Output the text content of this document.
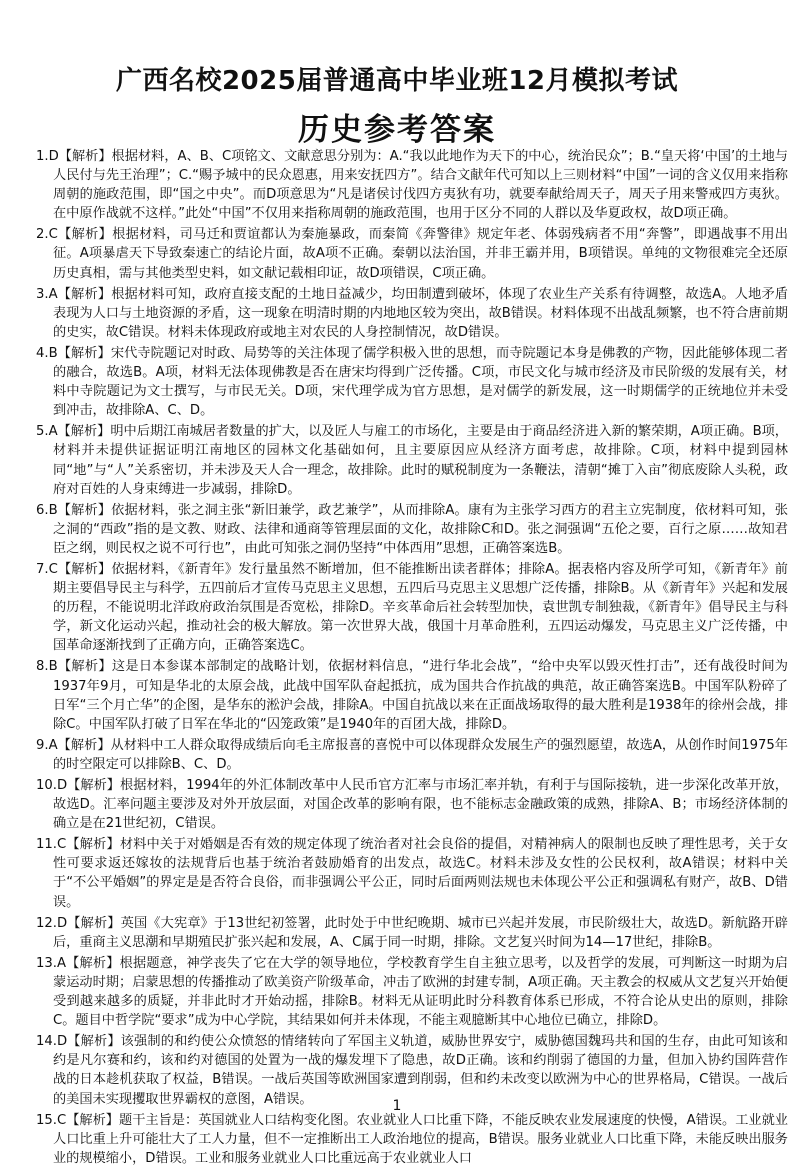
广西名校2025届普通高中毕业班12月模拟考试
历史参考答案

1.D【解析】根据材料，A、B、C项铭文、文献意思分别为：A.“我以此地作为天下的中心，统治民众”；B.“皇天将‘中国’的土地与人民付与先王治理”；C.“赐予城中的民众恩惠，用来安抚四方”。结合文献年代可知以上三则材料“中国”一词的含义仅用来指称周朝的施政范围，即“国之中央”。而D项意思为“凡是诸侯讨伐四方夷狄有功，就要奉献给周天子，周天子用来警戒四方夷狄。在中原作战就不这样。”此处“中国”不仅用来指称周朝的施政范围，也用于区分不同的人群以及华夏政权，故D项正确。

2.C【解析】根据材料，司马迁和贾谊都认为秦施暴政，而秦简《奔警律》规定年老、体弱残病者不用“奔警”，即遇战事不用出征。A项暴虐天下导致秦速亡的结论片面，故A项不正确。秦朝以法治国，并非王霸并用，B项错误。单纯的文物很难完全还原历史真相，需与其他类型史料，如文献记载相印证，故D项错误，C项正确。

3.A【解析】根据材料可知，政府直接支配的土地日益减少，均田制遭到破坏，体现了农业生产关系有待调整，故选A。人地矛盾表现为人口与土地资源的矛盾，这一现象在明清时期的内地地区较为突出，故B错误。材料体现不出战乱频繁，也不符合唐前期的史实，故C错误。材料未体现政府或地主对农民的人身控制情况，故D错误。

4.B【解析】宋代寺院题记对时政、局势等的关注体现了儒学积极入世的思想，而寺院题记本身是佛教的产物，因此能够体现二者的融合，故选B。A项，材料无法体现佛教是否在唐宋均得到广泛传播。C项，市民文化与城市经济及市民阶级的发展有关，材料中寺院题记为文士撰写，与市民无关。D项，宋代理学成为官方思想，是对儒学的新发展，这一时期儒学的正统地位并未受到冲击，故排除A、C、D。

5.A【解析】明中后期江南城居者数量的扩大，以及匠人与雇工的市场化，主要是由于商品经济进入新的繁荣期，A项正确。B项，材料并未提供证据证明江南地区的园林文化基础如何，且主要原因应从经济方面考虑，故排除。C项，材料中提到园林同“地”与“人”关系密切，并未涉及天人合一理念，故排除。此时的赋税制度为一条鞭法，清朝“摊丁入亩”彻底废除人头税，政府对百姓的人身束缚进一步减弱，排除D。

6.B【解析】依据材料，张之洞主张“新旧兼学，政艺兼学”，从而排除A。康有为主张学习西方的君主立宪制度，依材料可知，张之洞的“西政”指的是文教、财政、法律和通商等管理层面的文化，故排除C和D。张之洞强调“五伦之要，百行之原……故知君臣之纲，则民权之说不可行也”，由此可知张之洞仍坚持“中体西用”思想，正确答案选B。

7.C【解析】依据材料，《新青年》发行量虽然不断增加，但不能推断出读者群体；排除A。据表格内容及所学可知，《新青年》前期主要倡导民主与科学，五四前后才宣传马克思主义思想，五四后马克思主义思想广泛传播，排除B。从《新青年》兴起和发展的历程，不能说明北洋政府政治氛围是否宽松，排除D。辛亥革命后社会转型加快，袁世凯专制独裁，《新青年》倡导民主与科学，新文化运动兴起，推动社会的极大解放。第一次世界大战，俄国十月革命胜利，五四运动爆发，马克思主义广泛传播，中国革命逐渐找到了正确方向，正确答案选C。

8.B【解析】这是日本参谋本部制定的战略计划，依据材料信息，“进行华北会战”，“给中央军以毁灭性打击”，还有战役时间为1937年9月，可知是华北的太原会战，此战中国军队奋起抵抗，成为国共合作抗战的典范，故正确答案选B。中国军队粉碎了日军“三个月亡华”的企图，是华东的淞沪会战，排除A。中国自抗战以来在正面战场取得的最大胜利是1938年的徐州会战，排除C。中国军队打破了日军在华北的“囚笼政策”是1940年的百团大战，排除D。

9.A【解析】从材料中工人群众取得成绩后向毛主席报喜的喜悦中可以体现群众发展生产的强烈愿望，故选A，从创作时间1975年的时空限定可以排除B、C、D。

10.D【解析】根据材料，1994年的外汇体制改革中人民币官方汇率与市场汇率并轨，有利于与国际接轨，进一步深化改革开放，故选D。汇率问题主要涉及对外开放层面，对国企改革的影响有限，也不能标志金融政策的成熟，排除A、B；市场经济体制的确立是在21世纪初，C错误。

11.C【解析】材料中关于对婚姻是否有效的规定体现了统治者对社会良俗的提倡，对精神病人的限制也反映了理性思考，关于女性可要求返还嫁妆的法规背后也基于统治者鼓励婚育的出发点，故选C。材料未涉及女性的公民权利，故A错误；材料中关于“不公平婚姻”的界定是是否符合良俗，而非强调公平公正，同时后面两则法规也未体现公平公正和强调私有财产，故B、D错误。

12.D【解析】英国《大宪章》于13世纪初签署，此时处于中世纪晚期、城市已兴起并发展，市民阶级壮大，故选D。新航路开辟后，重商主义思潮和早期殖民扩张兴起和发展，A、C属于同一时期，排除。文艺复兴时间为14—17世纪，排除B。

13.A【解析】根据题意，神学丧失了它在大学的领导地位，学校教育学生自主独立思考，以及哲学的发展，可判断这一时期为启蒙运动时期；启蒙思想的传播推动了欧美资产阶级革命，冲击了欧洲的封建专制，A项正确。天主教会的权威从文艺复兴开始便受到越来越多的质疑，并非此时才开始动摇，排除B。材料无从证明此时分科教育体系已形成，不符合论从史出的原则，排除C。题目中哲学院“要求”成为中心学院，其结果如何并未体现，不能主观臆断其中心地位已确立，排除D。

14.D【解析】该强制的和约使公众愤怒的情绪转向了军国主义轨道，威胁世界安宁，威胁德国魏玛共和国的生存，由此可知该和约是凡尔赛和约，该和约对德国的处置为一战的爆发埋下了隐患，故D正确。该和约削弱了德国的力量，但加入协约国阵营作战的日本趁机获取了权益，B错误。一战后英国等欧洲国家遭到削弱，但和约未改变以欧洲为中心的世界格局，C错误。一战后的美国未实现攫取世界霸权的意图，A错误。

15.C【解析】题干主旨是：英国就业人口结构变化图。农业就业人口比重下降，不能反映农业发展速度的快慢，A错误。工业就业人口比重上升可能壮大了工人力量，但不一定推断出工人政治地位的提高，B错误。服务业就业人口比重下降，未能反映出服务业的规模缩小，D错误。工业和服务业就业人口比重远高于农业就业人口

1
